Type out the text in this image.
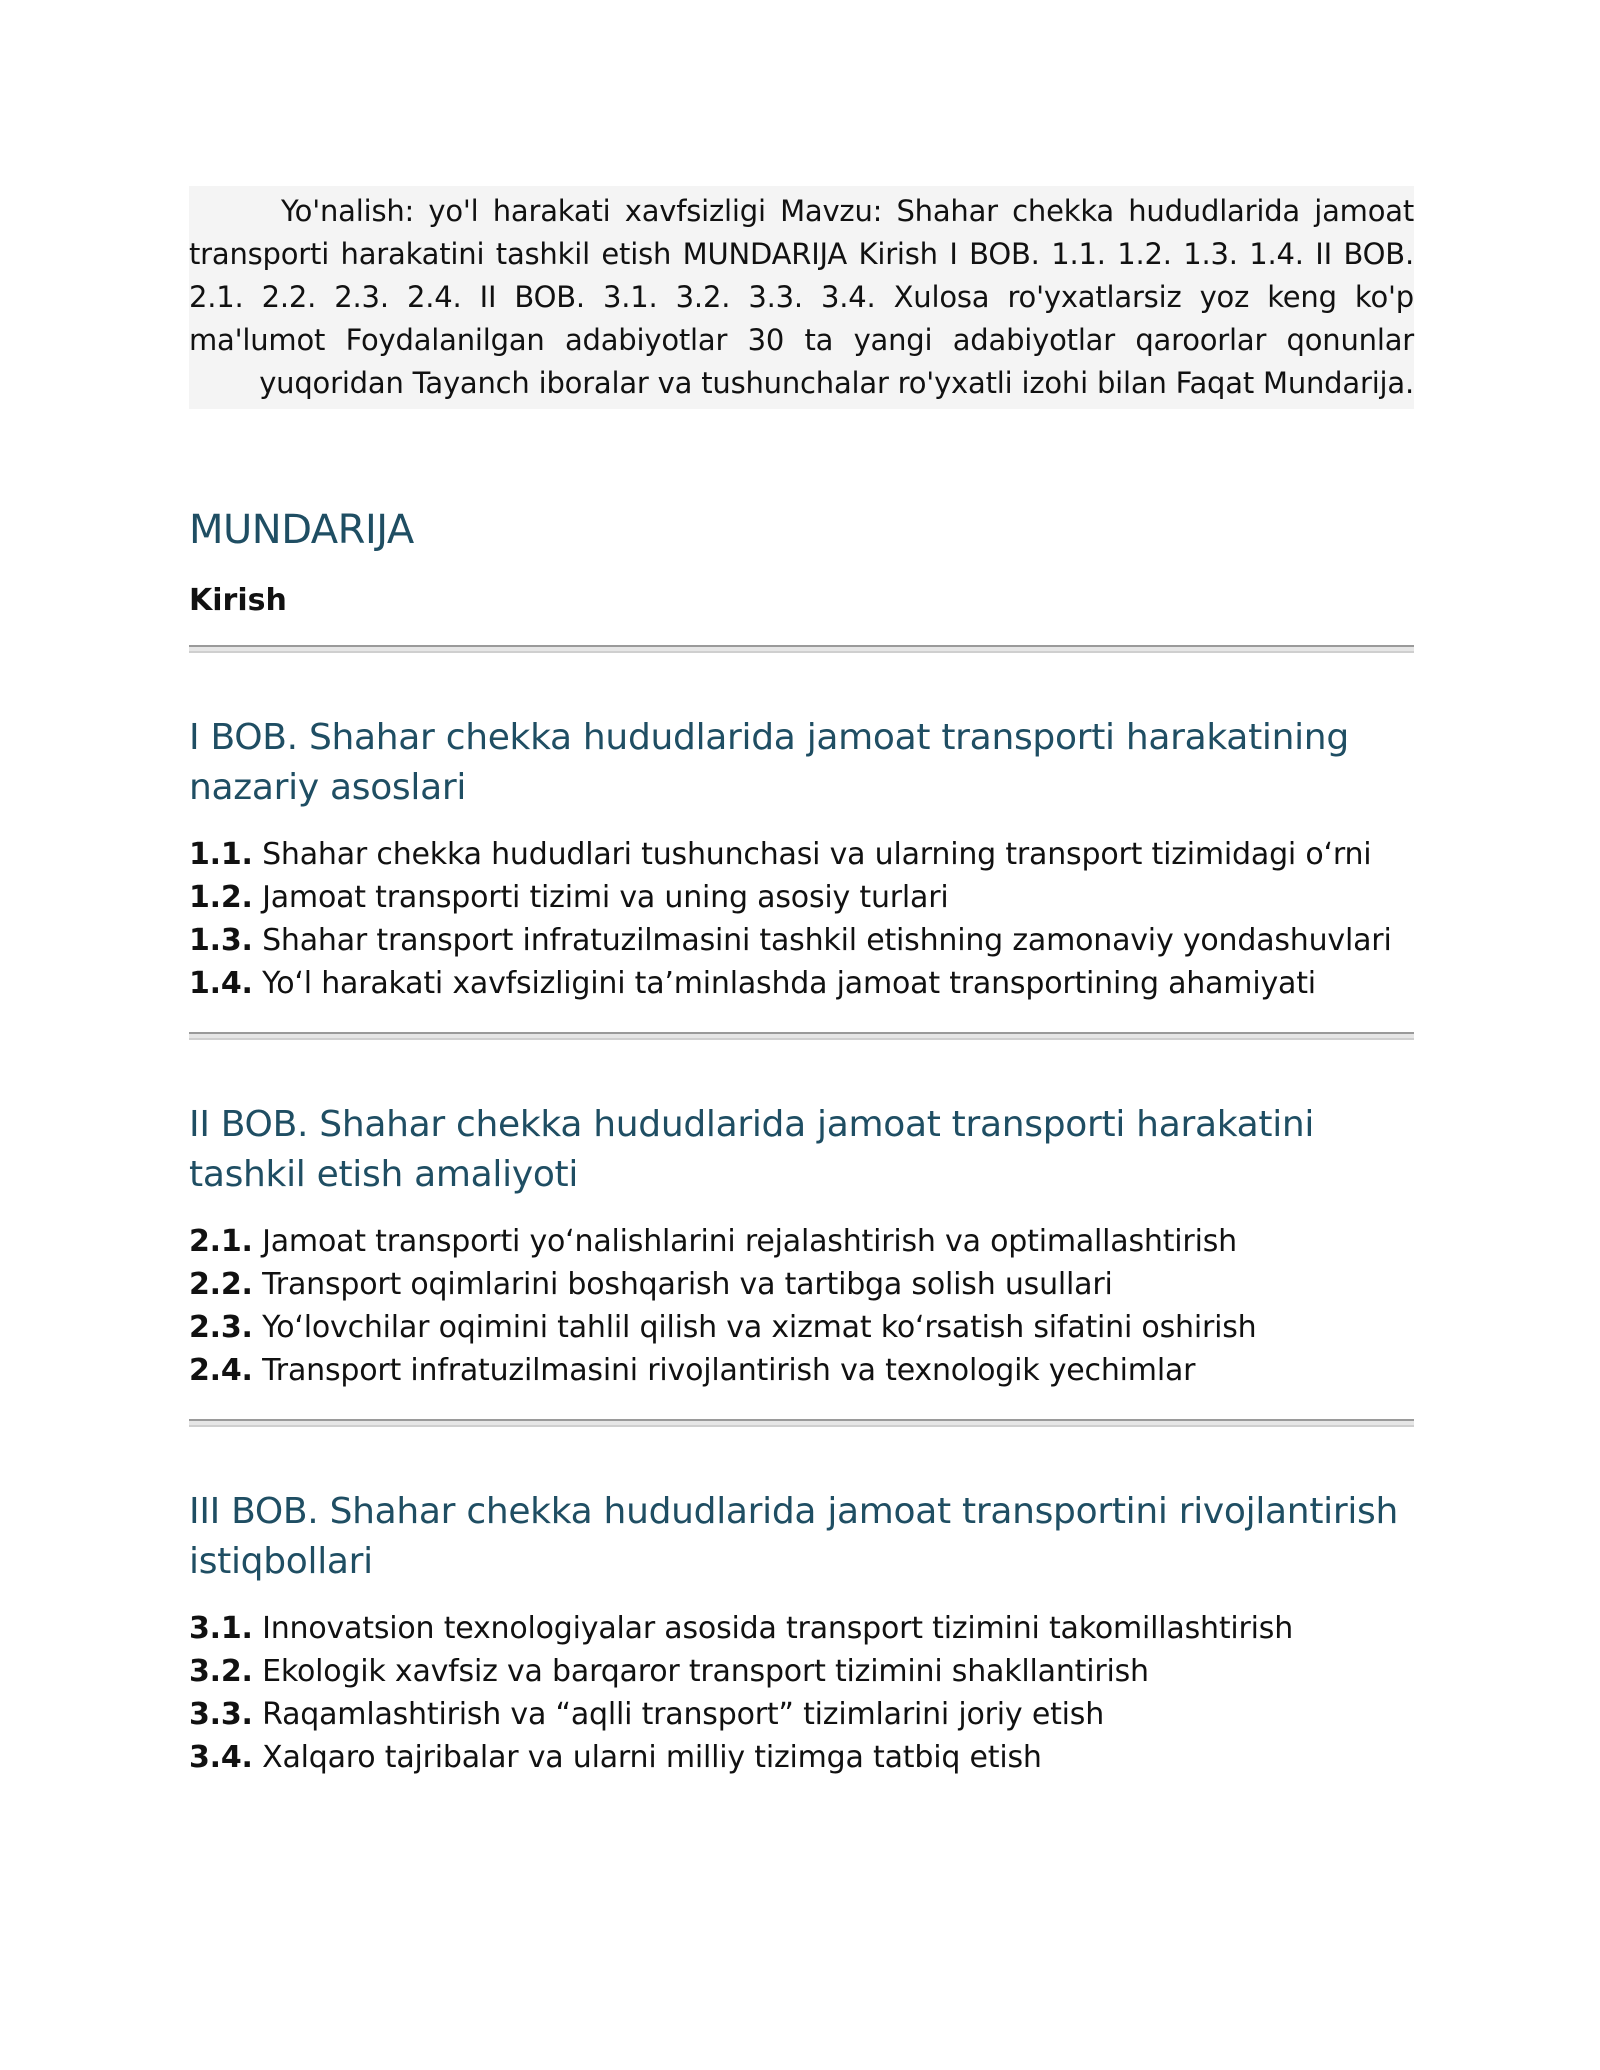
Yo'nalish: yo'l harakati xavfsizligi Mavzu: Shahar chekka hududlarida jamoat transporti harakatini tashkil etish MUNDARIJA Kirish I BOB. 1.1. 1.2. 1.3. 1.4. II BOB. 2.1. 2.2. 2.3. 2.4. II BOB. 3.1. 3.2. 3.3. 3.4. Xulosa ro'yxatlarsiz yoz keng ko'p ma'lumot Foydalanilgan adabiyotlar 30 ta yangi adabiyotlar qaroorlar qonunlar yuqoridan Tayanch iboralar va tushunchalar ro'yxatli izohi bilan Faqat Mundarija.
MUNDARIJA
Kirish
I BOB. Shahar chekka hududlarida jamoat transporti harakatining nazariy asoslari
1.1. Shahar chekka hududlari tushunchasi va ularning transport tizimidagi o‘rni
1.2. Jamoat transporti tizimi va uning asosiy turlari
1.3. Shahar transport infratuzilmasini tashkil etishning zamonaviy yondashuvlari
1.4. Yo‘l harakati xavfsizligini ta’minlashda jamoat transportining ahamiyati
II BOB. Shahar chekka hududlarida jamoat transporti harakatini tashkil etish amaliyoti
2.1. Jamoat transporti yo‘nalishlarini rejalashtirish va optimallashtirish
2.2. Transport oqimlarini boshqarish va tartibga solish usullari
2.3. Yo‘lovchilar oqimini tahlil qilish va xizmat ko‘rsatish sifatini oshirish
2.4. Transport infratuzilmasini rivojlantirish va texnologik yechimlar
III BOB. Shahar chekka hududlarida jamoat transportini rivojlantirish istiqbollari
3.1. Innovatsion texnologiyalar asosida transport tizimini takomillashtirish
3.2. Ekologik xavfsiz va barqaror transport tizimini shakllantirish
3.3. Raqamlashtirish va “aqlli transport” tizimlarini joriy etish
3.4. Xalqaro tajribalar va ularni milliy tizimga tatbiq etish
